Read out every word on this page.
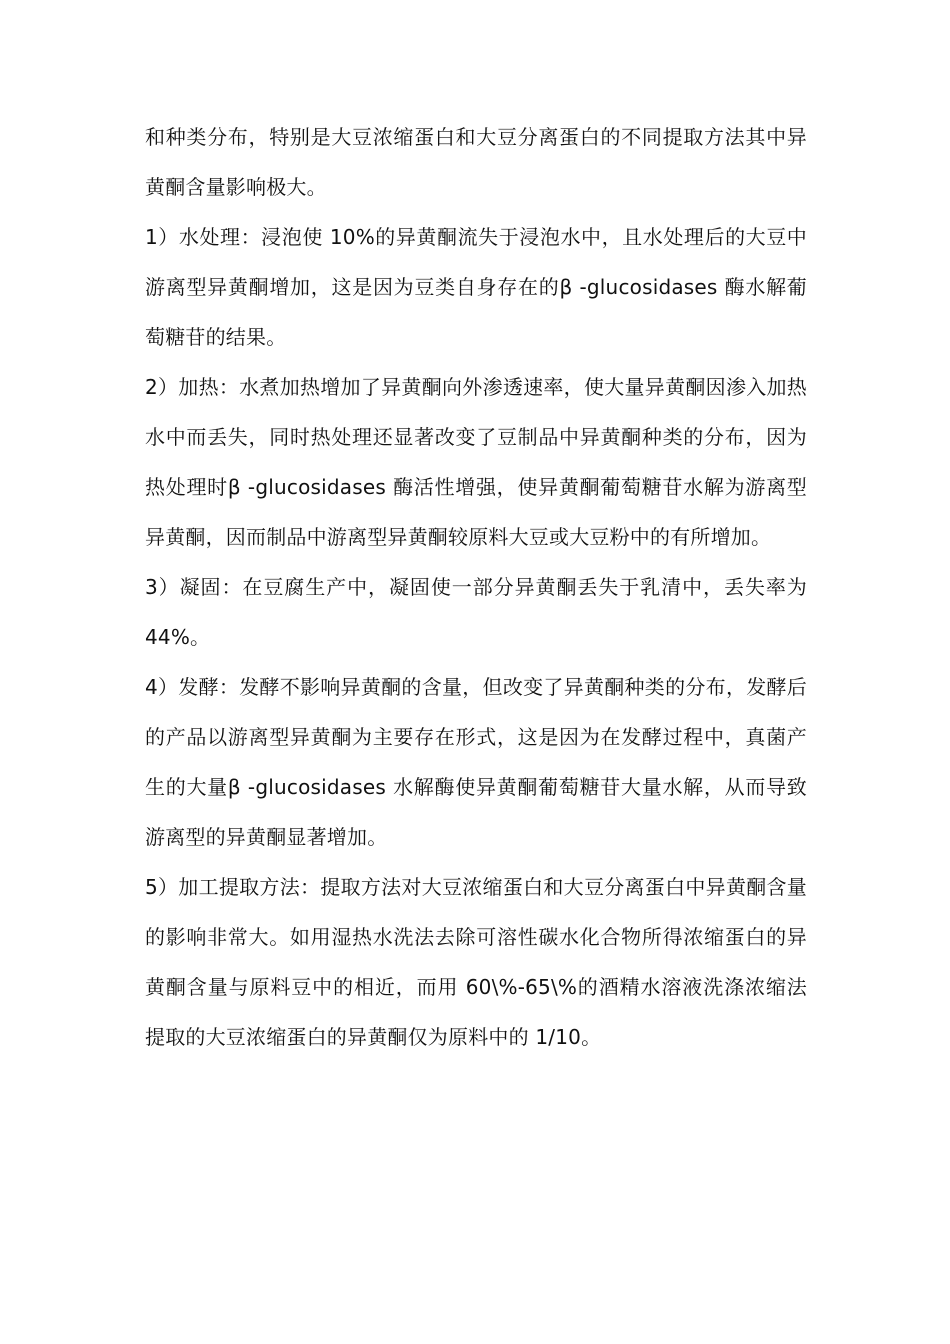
和种类分布，特别是大豆浓缩蛋白和大豆分离蛋白的不同提取方法其中异黄酮含量影响极大。

1）水处理：浸泡使 10%的异黄酮流失于浸泡水中，且水处理后的大豆中游离型异黄酮增加，这是因为豆类自身存在的β -glucosidases 酶水解葡萄糖苷的结果。

2）加热：水煮加热增加了异黄酮向外渗透速率，使大量异黄酮因渗入加热水中而丢失，同时热处理还显著改变了豆制品中异黄酮种类的分布，因为热处理时β -glucosidases 酶活性增强，使异黄酮葡萄糖苷水解为游离型异黄酮，因而制品中游离型异黄酮较原料大豆或大豆粉中的有所增加。

3）凝固：在豆腐生产中，凝固使一部分异黄酮丢失于乳清中，丢失率为 44%。

4）发酵：发酵不影响异黄酮的含量，但改变了异黄酮种类的分布，发酵后的产品以游离型异黄酮为主要存在形式，这是因为在发酵过程中，真菌产生的大量β -glucosidases 水解酶使异黄酮葡萄糖苷大量水解，从而导致游离型的异黄酮显著增加。

5）加工提取方法：提取方法对大豆浓缩蛋白和大豆分离蛋白中异黄酮含量的影响非常大。如用湿热水洗法去除可溶性碳水化合物所得浓缩蛋白的异黄酮含量与原料豆中的相近，而用 60\%-65\%的酒精水溶液洗涤浓缩法提取的大豆浓缩蛋白的异黄酮仅为原料中的 1/10。
